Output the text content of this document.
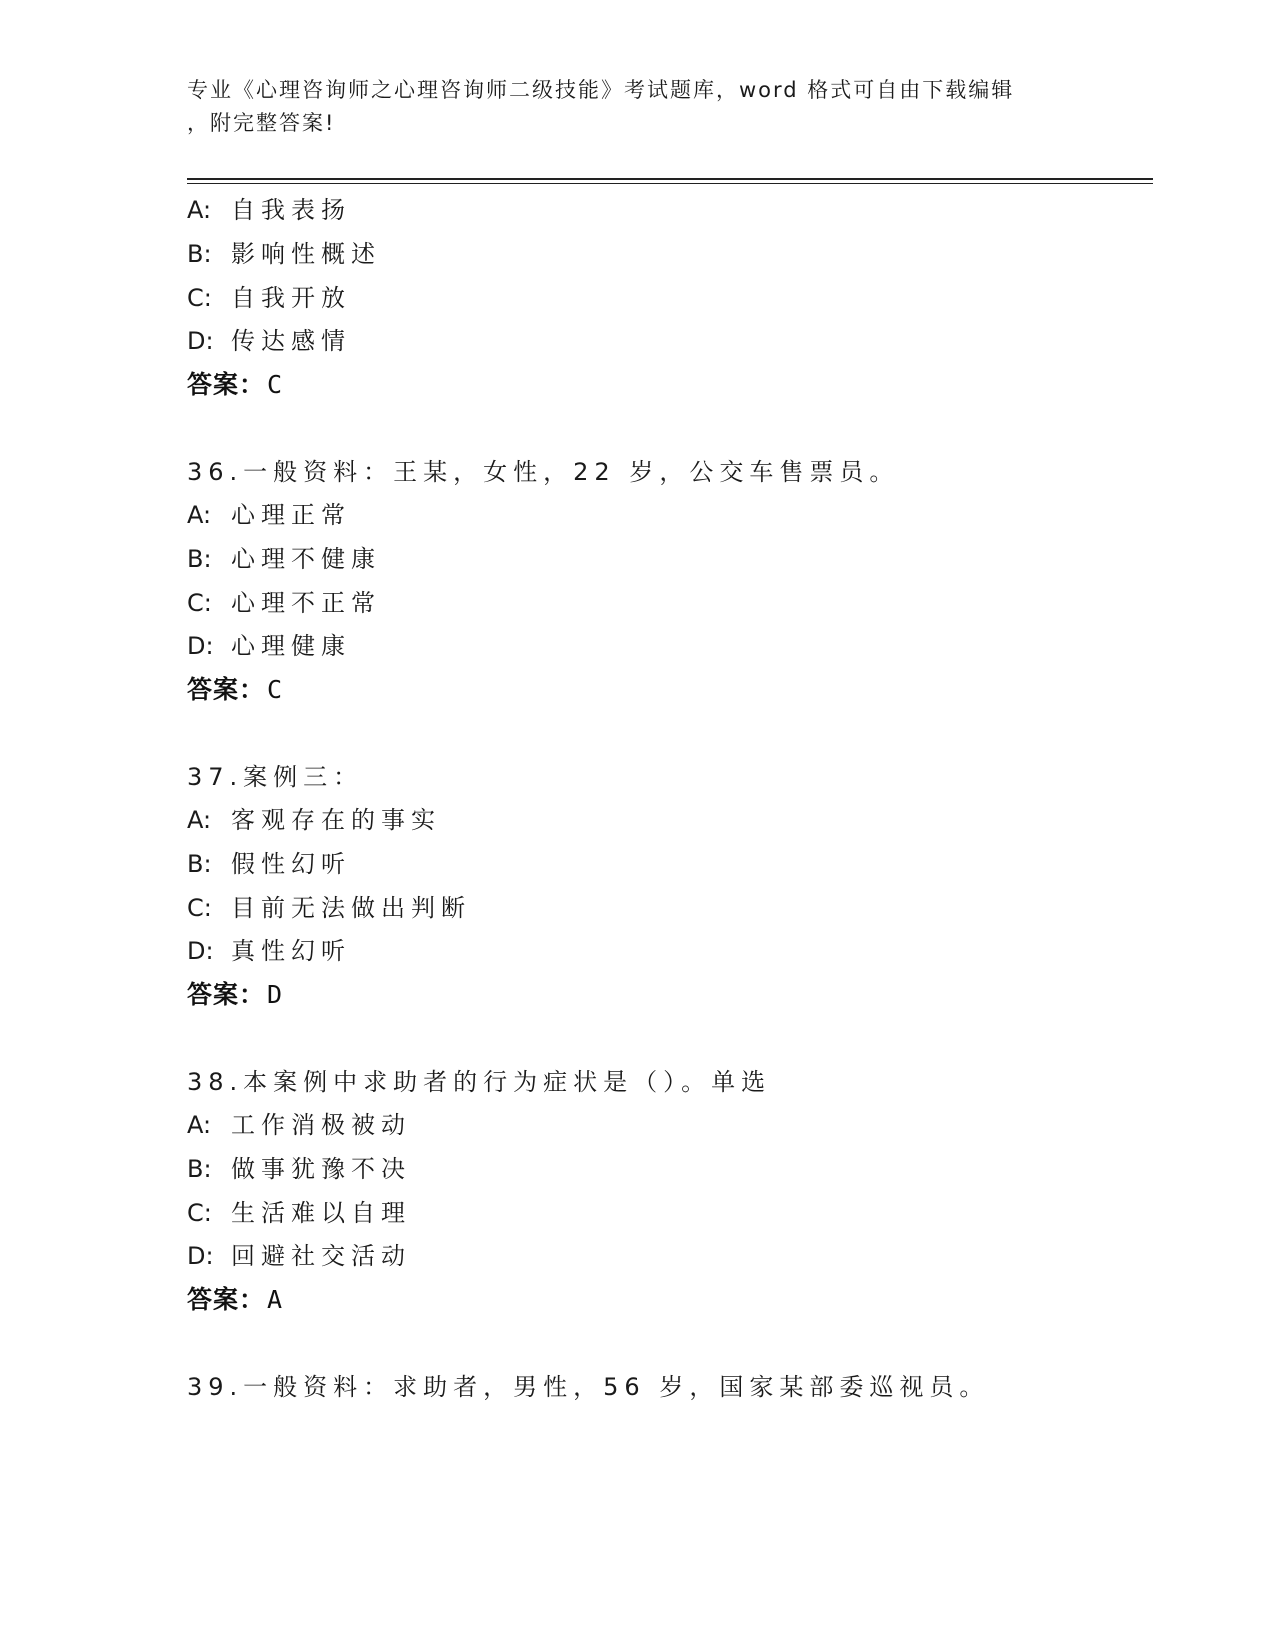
专业《心理咨询师之心理咨询师二级技能》考试题库，word 格式可自由下载编辑
，附完整答案!
A: 自我表扬
B: 影响性概述
C: 自我开放
D: 传达感情
答案：C
36.一般资料：王某，女性，22 岁，公交车售票员。
A: 心理正常
B: 心理不健康
C: 心理不正常
D: 心理健康
答案：C
37.案例三：
A: 客观存在的事实
B: 假性幻听
C: 目前无法做出判断
D: 真性幻听
答案：D
38.本案例中求助者的行为症状是（）。单选
A: 工作消极被动
B: 做事犹豫不决
C: 生活难以自理
D: 回避社交活动
答案：A
39.一般资料：求助者，男性，56 岁，国家某部委巡视员。
